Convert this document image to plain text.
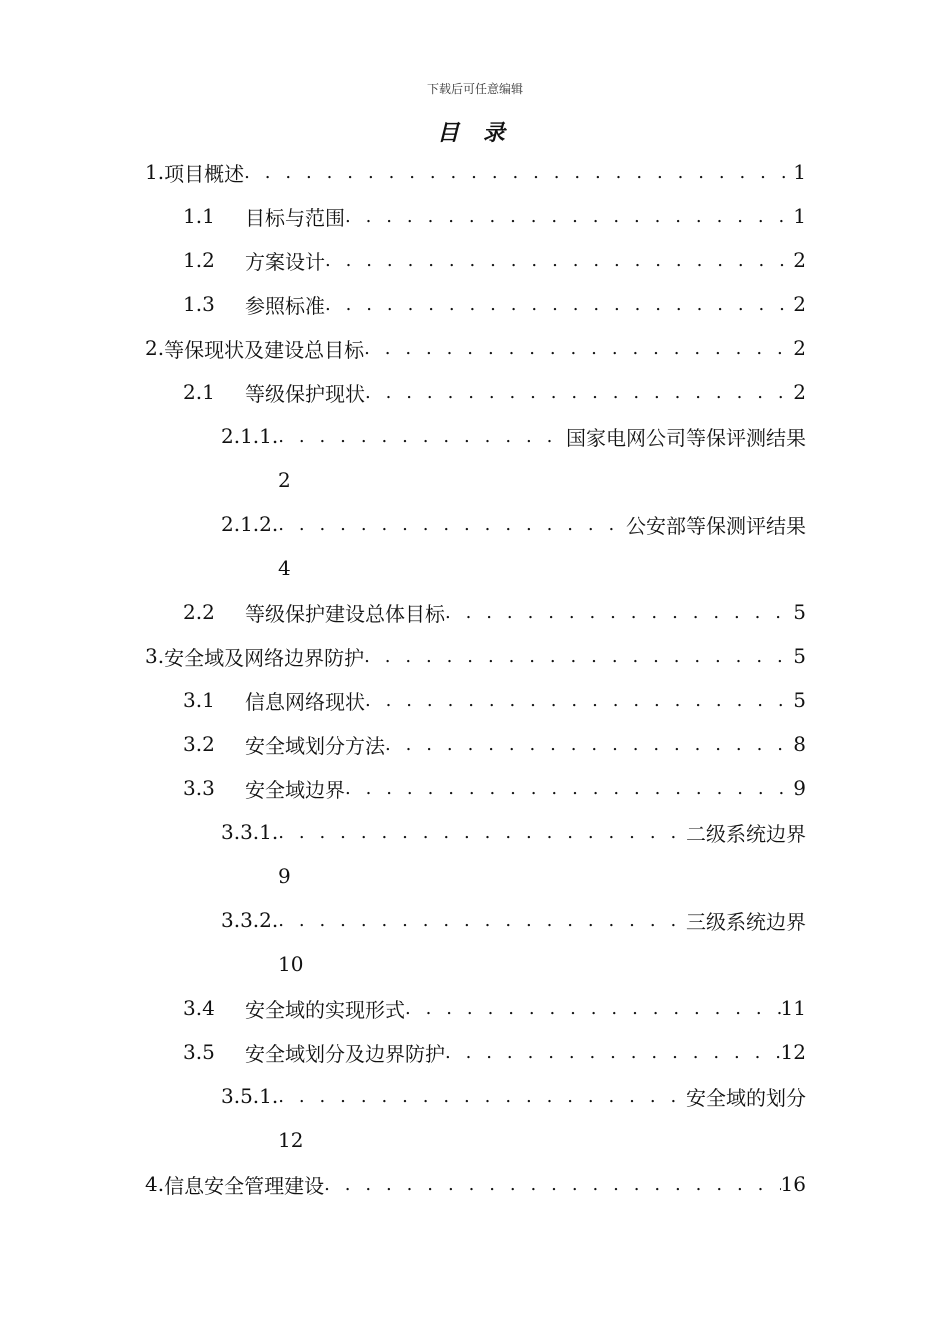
下载后可任意编辑
目 录
1. 项目概述 . . .	1
1.1	目标与范围 . . .	1
1.2	方案设计 . . .	2
1.3	参照标准 . . .	2
2. 等保现状及建设总目标 . . .	2
2.1	等级保护现状 . . .	2
2.1.1. . . .	国家电网公司等保评测结果
2
2.1.2. . . .	公安部等保测评结果
4
2.2	等级保护建设总体目标 . . .	5
3. 安全域及网络边界防护 . . .	5
3.1	信息网络现状 . . .	5
3.2	安全域划分方法 . . .	8
3.3	安全域边界 . . .	9
3.3.1. . . .	二级系统边界
9
3.3.2. . . .	三级系统边界
10
3.4	安全域的实现形式 . . .	11
3.5	安全域划分及边界防护 . . .	12
3.5.1. . . .	安全域的划分
12
4. 信息安全管理建设 . . .	16
